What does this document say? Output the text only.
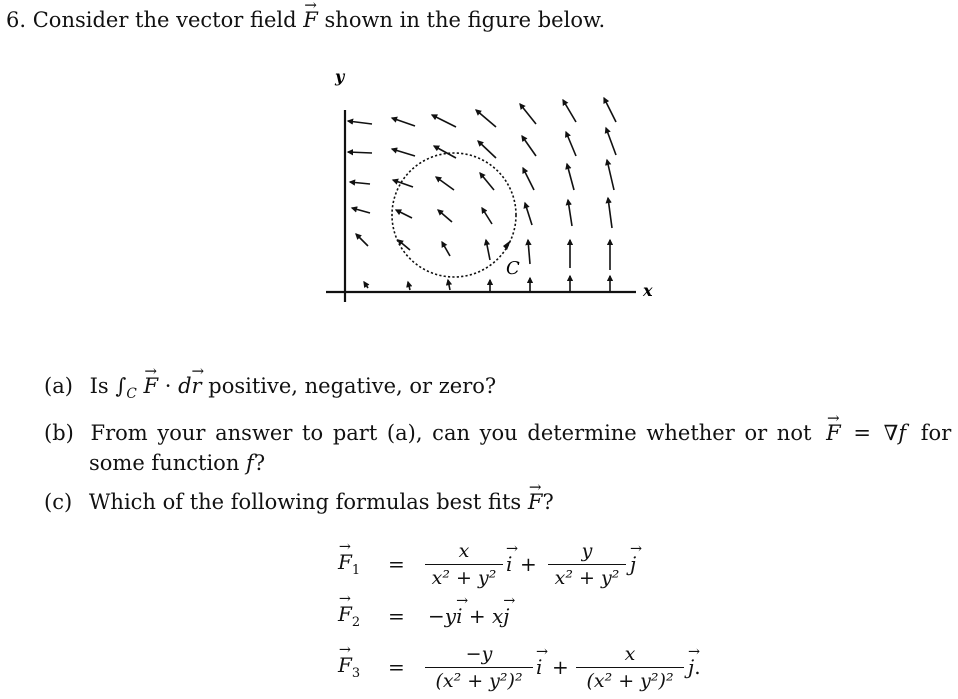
6. Consider the vector field → F shown in the figure below.
y
x
C
(a) Is $\int_C \to F \cdot d\to r$ positive, negative, or zero?
(b) From your answer to part (a), can you determine whether or not → F = ∇f for
some function f?
(c) Which of the following formulas best fits → F?
→ $F_1$ =
x
x² + y²
→ i +
y
x² + y²
→ j
→ $F_2 = -y\to i + x\to j$
→ $F_3$ =
−y
(x² + y²)²
→ i +
x
(x² + y²)²
→ j.
